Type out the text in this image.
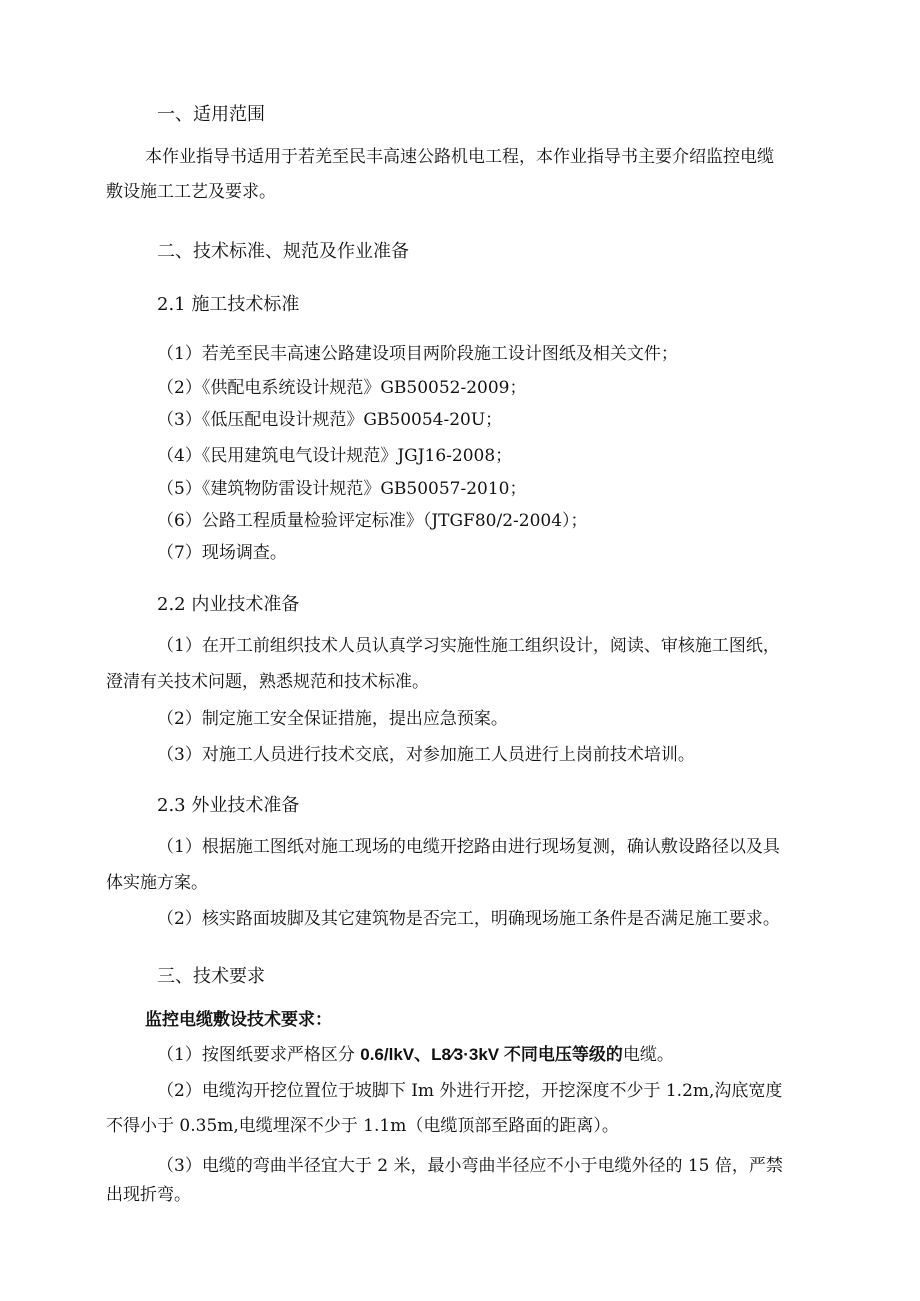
一、适用范围
本作业指导书适用于若羌至民丰高速公路机电工程，本作业指导书主要介绍监控电缆
敷设施工工艺及要求。
二、技术标准、规范及作业准备
2.1 施工技术标准
（1）若羌至民丰高速公路建设项目两阶段施工设计图纸及相关文件；
（2）《供配电系统设计规范》GB50052-2009；
（3）《低压配电设计规范》GB50054-20U；
（4）《民用建筑电气设计规范》JGJ16-2008；
（5）《建筑物防雷设计规范》GB50057-2010；
（6）公路工程质量检验评定标准》（JTGF80/2-2004）；
（7）现场调查。
2.2 内业技术准备
（1）在开工前组织技术人员认真学习实施性施工组织设计，阅读、审核施工图纸，
澄清有关技术问题，熟悉规范和技术标准。
（2）制定施工安全保证措施，提出应急预案。
（3）对施工人员进行技术交底，对参加施工人员进行上岗前技术培训。
2.3 外业技术准备
（1）根据施工图纸对施工现场的电缆开挖路由进行现场复测，确认敷设路径以及具
体实施方案。
（2）核实路面坡脚及其它建筑物是否完工，明确现场施工条件是否满足施工要求。
三、技术要求
监控电缆敷设技术要求：
（1）按图纸要求严格区分 0.6/lkV、L8∕3·3kV 不同电压等级的电缆。
（2）电缆沟开挖位置位于坡脚下 Im 外进行开挖，开挖深度不少于 1.2m,沟底宽度
不得小于 0.35m,电缆埋深不少于 1.1m（电缆顶部至路面的距离）。
（3）电缆的弯曲半径宜大于 2 米，最小弯曲半径应不小于电缆外径的 15 倍，严禁
出现折弯。
